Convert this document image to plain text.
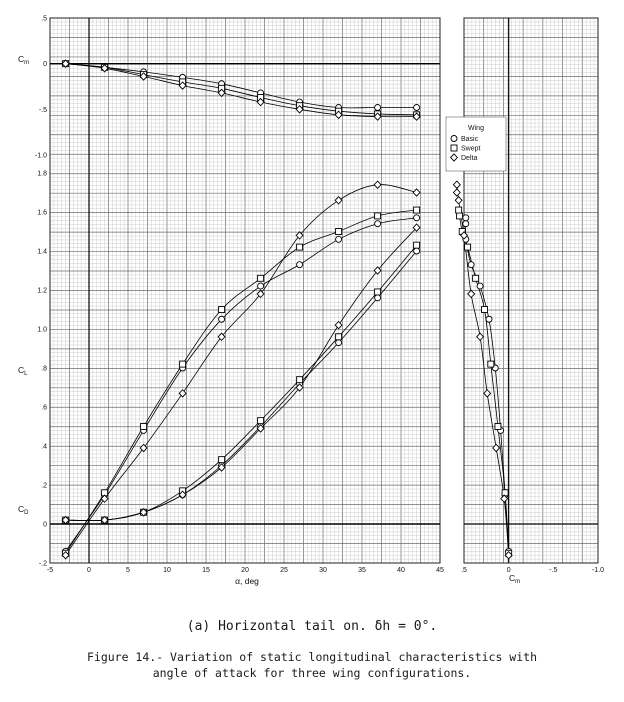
.5
0
-.5
-1.0
1.8
1.6
1.4
1.2
1.0
.8
.6
.4
.2
0
-.2
-5	0	5	10	15	20	25	30	35	40	45 .5	0	-.5	-1.0
$C_m$
$C_L$
$C_D$
α, deg	$C_m$
Wing
Basic
Swept
Delta
(a) Horizontal tail on. δh = 0°.
Figure 14.- Variation of static longitudinal characteristics with
angle of attack for three wing configurations.
